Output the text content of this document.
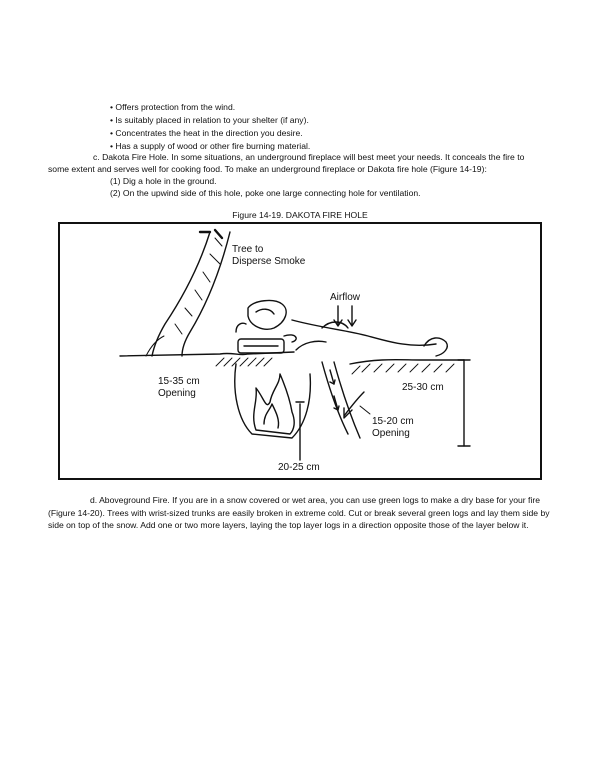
• Offers protection from the wind.
• Is suitably placed in relation to your shelter (if any).
• Concentrates the heat in the direction you desire.
• Has a supply of wood or other fire burning material.
c. Dakota Fire Hole. In some situations, an underground fireplace will best meet your needs. It conceals the fire to
some extent and serves well for cooking food. To make an underground fireplace or Dakota fire hole (Figure 14-19):
(1) Dig a hole in the ground.
(2) On the upwind side of this hole, poke one large connecting hole for ventilation.
Figure 14-19. DAKOTA FIRE HOLE
Tree to
Disperse Smoke
Airflow
15-35 cm
Opening
25-30 cm
15-20 cm
Opening
20-25 cm
d. Aboveground Fire. If you are in a snow covered or wet area, you can use green logs to make a dry base for your fire (Figure 14-20). Trees with wrist-sized trunks are easily broken in extreme cold. Cut or break several green logs and lay them side by side on top of the snow. Add one or two more layers, laying the top layer logs in a direction opposite those of the layer below it.
